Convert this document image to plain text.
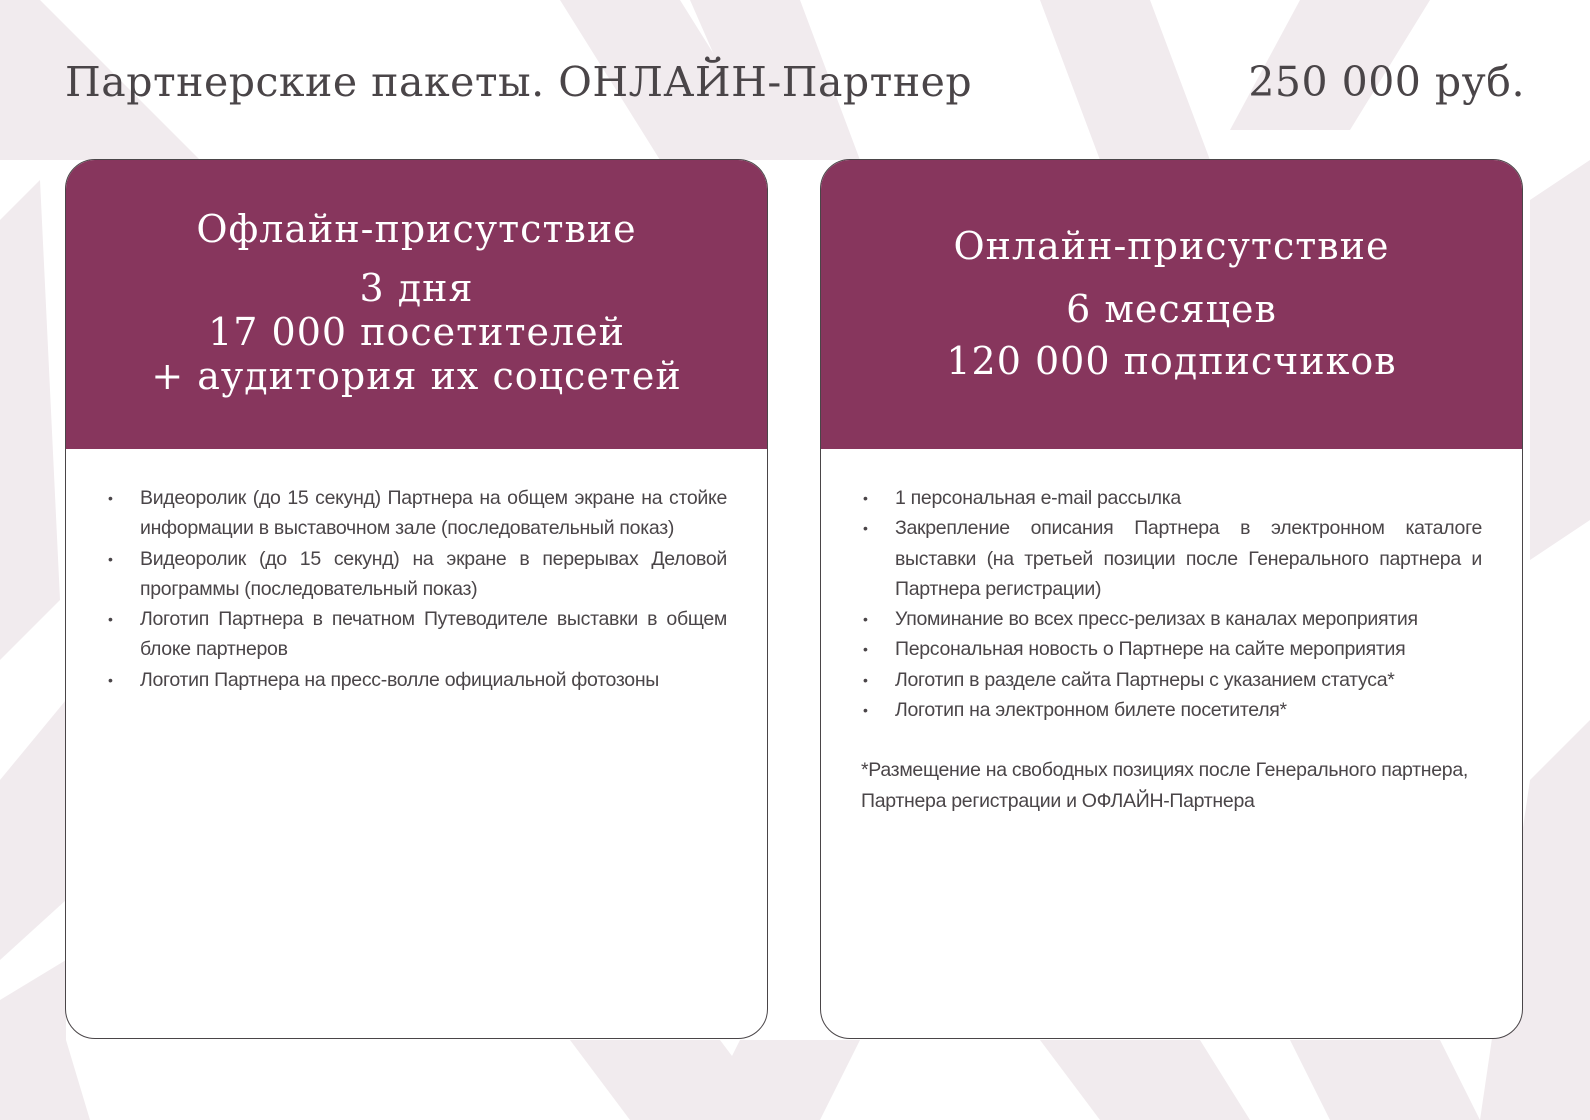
Партнерские пакеты. ОНЛАЙН-Партнер	250 000 руб.
Офлайн-присутствие
3 дня
17 000 посетителей
+ аудитория их соцсетей
• Видеоролик (до 15 секунд) Партнера на общем экране на стойке информации в выставочном зале (последовательный показ)
• Видеоролик (до 15 секунд) на экране в перерывах Деловой программы (последовательный показ)
• Логотип Партнера в печатном Путеводителе выставки в общем блоке партнеров
• Логотип Партнера на пресс-волле официальной фотозоны
Онлайн-присутствие
6 месяцев
120 000 подписчиков
• 1 персональная e-mail рассылка
• Закрепление описания Партнера в электронном каталоге выставки (на третьей позиции после Генерального партнера и Партнера регистрации)
• Упоминание во всех пресс-релизах в каналах мероприятия
• Персональная новость о Партнере на сайте мероприятия
• Логотип в разделе сайта Партнеры с указанием статуса*
• Логотип на электронном билете посетителя*
*Размещение на свободных позициях после Генерального партнера, Партнера регистрации и ОФЛАЙН-Партнера
